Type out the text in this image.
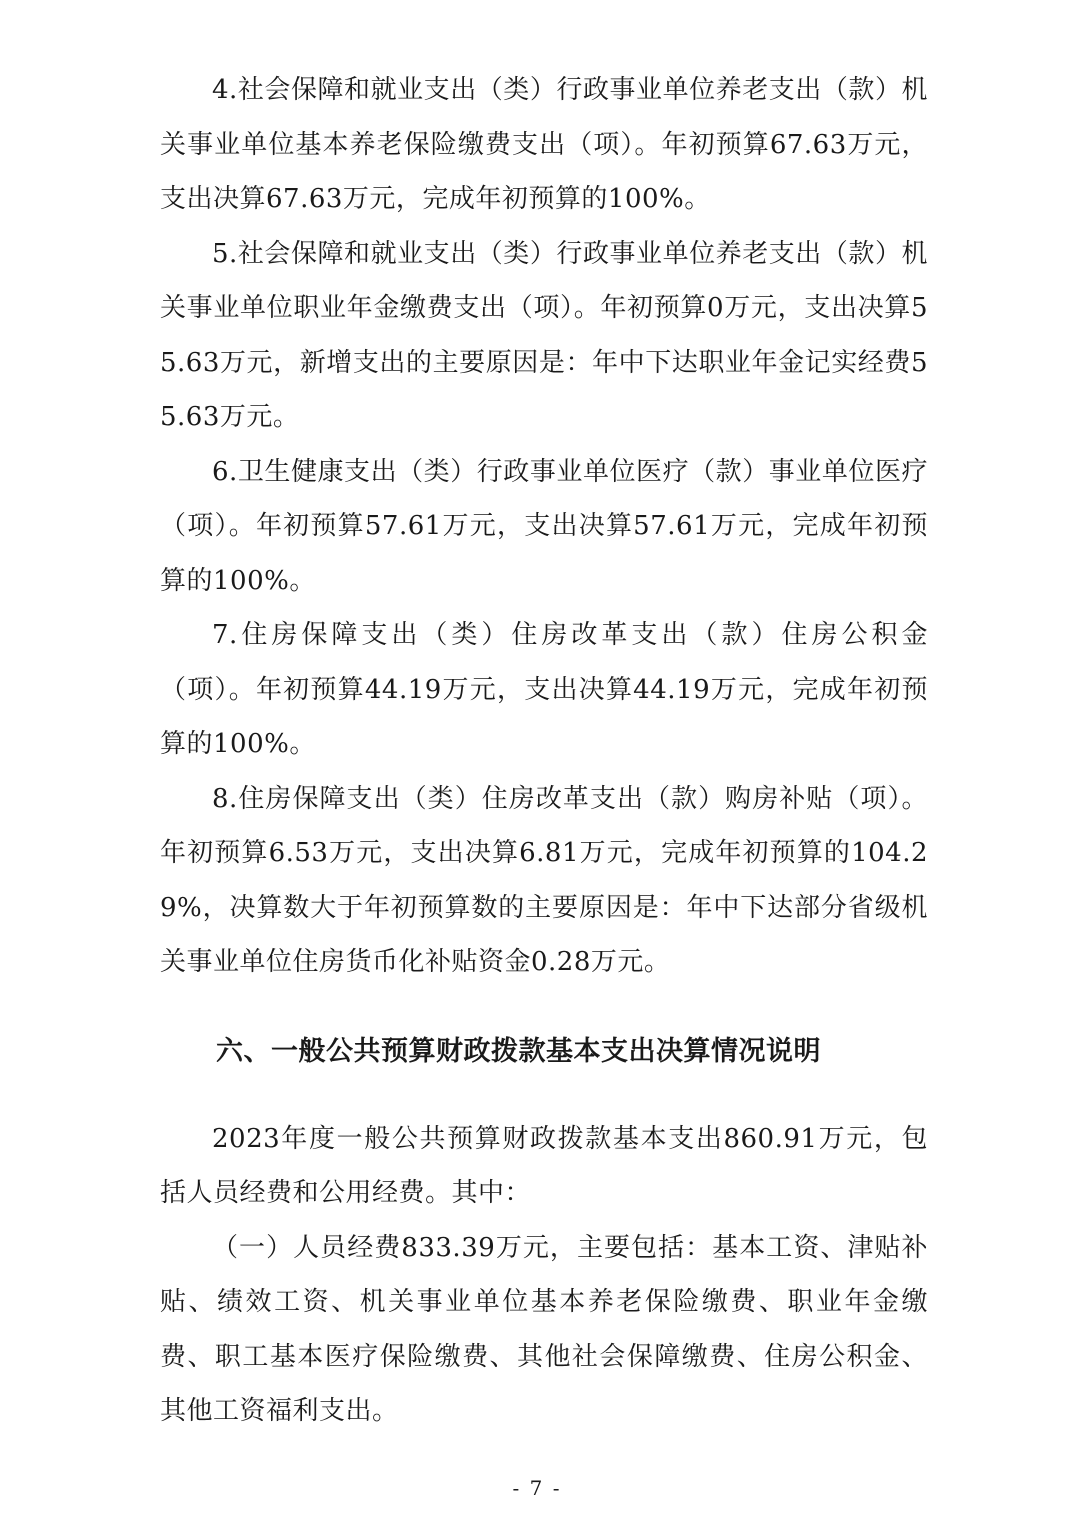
4.社会保障和就业支出（类）行政事业单位养老支出（款）机关事业单位基本养老保险缴费支出（项）。年初预算67.63万元，支出决算67.63万元，完成年初预算的100%。

5.社会保障和就业支出（类）行政事业单位养老支出（款）机关事业单位职业年金缴费支出（项）。年初预算0万元，支出决算55.63万元，新增支出的主要原因是：年中下达职业年金记实经费55.63万元。

6.卫生健康支出（类）行政事业单位医疗（款）事业单位医疗（项）。年初预算57.61万元，支出决算57.61万元，完成年初预算的100%。

7.住房保障支出（类）住房改革支出（款）住房公积金（项）。年初预算44.19万元，支出决算44.19万元，完成年初预算的100%。

8.住房保障支出（类）住房改革支出（款）购房补贴（项）。年初预算6.53万元，支出决算6.81万元，完成年初预算的104.29%，决算数大于年初预算数的主要原因是：年中下达部分省级机关事业单位住房货币化补贴资金0.28万元。

六、一般公共预算财政拨款基本支出决算情况说明

2023年度一般公共预算财政拨款基本支出860.91万元，包括人员经费和公用经费。其中：

（一）人员经费833.39万元，主要包括：基本工资、津贴补贴、绩效工资、机关事业单位基本养老保险缴费、职业年金缴费、职工基本医疗保险缴费、其他社会保障缴费、住房公积金、其他工资福利支出。

- 7 -
